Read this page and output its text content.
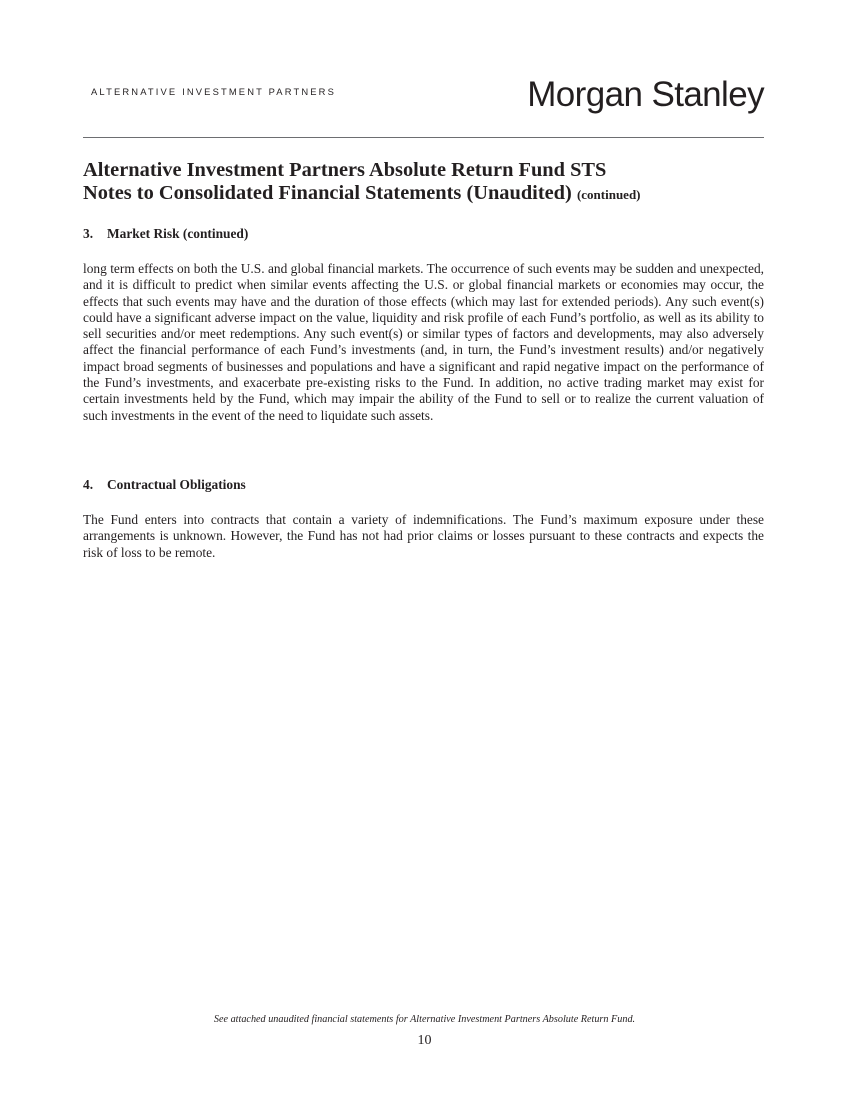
ALTERNATIVE INVESTMENT PARTNERS	Morgan Stanley
Alternative Investment Partners Absolute Return Fund STS
Notes to Consolidated Financial Statements (Unaudited) (continued)
3. Market Risk (continued)
long term effects on both the U.S. and global financial markets. The occurrence of such events may be sudden and unexpected, and it is difficult to predict when similar events affecting the U.S. or global financial markets or economies may occur, the effects that such events may have and the duration of those effects (which may last for extended periods). Any such event(s) could have a significant adverse impact on the value, liquidity and risk profile of each Fund’s portfolio, as well as its ability to sell securities and/or meet redemptions. Any such event(s) or similar types of factors and developments, may also adversely affect the financial performance of each Fund’s investments (and, in turn, the Fund’s investment results) and/or negatively impact broad segments of businesses and populations and have a significant and rapid negative impact on the performance of the Fund’s investments, and exacerbate pre-existing risks to the Fund. In addition, no active trading market may exist for certain investments held by the Fund, which may impair the ability of the Fund to sell or to realize the current valuation of such investments in the event of the need to liquidate such assets.
4. Contractual Obligations
The Fund enters into contracts that contain a variety of indemnifications. The Fund’s maximum exposure under these arrangements is unknown. However, the Fund has not had prior claims or losses pursuant to these contracts and expects the risk of loss to be remote.
See attached unaudited financial statements for Alternative Investment Partners Absolute Return Fund.
10
